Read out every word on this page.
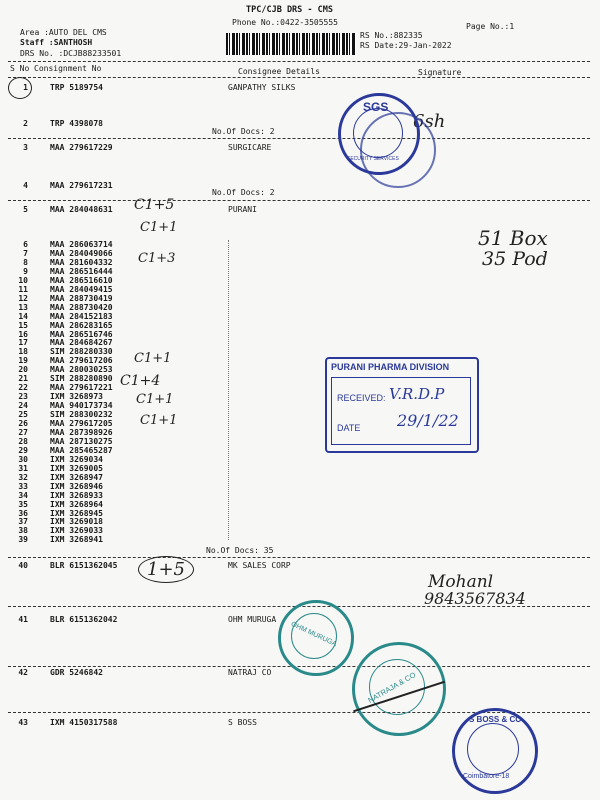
TPC/CJB DRS - CMS
Phone No.:0422-3505555	Page No.:1
Area :AUTO DEL CMS
Staff :SANTHOSH
DRS No. :DCJB88233501
RS No.:882335
RS Date:29-Jan-2022
S No Consignment No	Consignee Details	Signature
1	TRP 5189754	GANPATHY SILKS
2	TRP 4398078
3	MAA 279617229	SURGICARE
4	MAA 279617231
5	MAA 284048631	PURANI
6	MAA 286063714
7	MAA 284049066
8	MAA 281604332
9	MAA 286516444
10	MAA 286516610
11	MAA 284049415
12	MAA 288730419
13	MAA 288730420
14	MAA 284152183
15	MAA 286283165
16	MAA 286516746
17	MAA 284684267
18	SIM 288280330
19	MAA 279617206
20	MAA 280030253
21	SIM 288280890
22	MAA 279617221
23	IXM 3268973
24	MAA 940173734
25	SIM 288300232
26	MAA 279617205
27	MAA 287398926
28	MAA 287130275
29	MAA 285465287
30	IXM 3269034
31	IXM 3269005
32	IXM 3268947
33	IXM 3268946
34	IXM 3268933
35	IXM 3268964
36	IXM 3268945
37	IXM 3269018
38	IXM 3269033
39	IXM 3268941
40	BLR 6151362045	MK SALES CORP
41	BLR 6151362042	OHM MURUGA
42	GDR 5246842	NATRAJ CO
43	IXM 4150317588	S BOSS
No.Of Docs: 2
No.Of Docs: 2
No.Of Docs: 35
C1+5
C1+1
C1+3
51 Box
35 Pod
C1+1
C1+4
C1+1
C1+1
1+5
Mohanl
9843567834
6sh
SGS
SECURITY SERVICES
PURANI PHARMA DIVISION
RECEIVED: V.R.D.P
DATE 29/1/22
OHM MURUGA
NATRAJA & CO
S BOSS & CO
Coimbatore-18
